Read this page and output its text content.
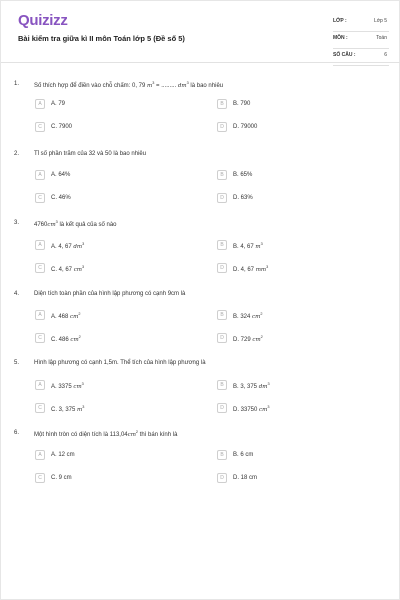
Quizizz
Bài kiểm tra giữa kì II môn Toán lớp 5 (Đề số 5)
LỚP :	Lớp 5
MÔN :	Toán
SỐ CÂU :	6
1. Số thích hợp để điền vào chỗ chấm: 0, 79 $m^3$ = ......... $dm^3$ là bao nhiêu
A	A. 79	B	B. 790
C	C. 7900	D	D. 79000
2. Tỉ số phần trăm của 32 và 50 là bao nhiêu
A	A. 64%	B	B. 65%
C	C. 46%	D	D. 63%
3. $4760cm^3$ là kết quả của số nào
A	A. 4, 67 $dm^3$	B	B. 4, 67 $m^3$
C	C. 4, 67 $cm^3$	D	D. 4, 67 $mm^3$
4. Diện tích toàn phần của hình lập phương có cạnh 9cm là
A	A. 468 $cm^2$	B	B. 324 $cm^2$
C	C. 486 $cm^2$	D	D. 729 $cm^2$
5. Hình lập phương có cạnh 1,5m. Thể tích của hình lập phương là
A	A. 3375 $cm^3$	B	B. 3, 375 $dm^3$
C	C. 3, 375 $m^3$	D	D. 33750 $cm^3$
6. Một hình tròn có diện tích là $113,04cm^2$ thì bán kính là
A	A. 12 cm	B	B. 6 cm
C	C. 9 cm	D	D. 18 cm
